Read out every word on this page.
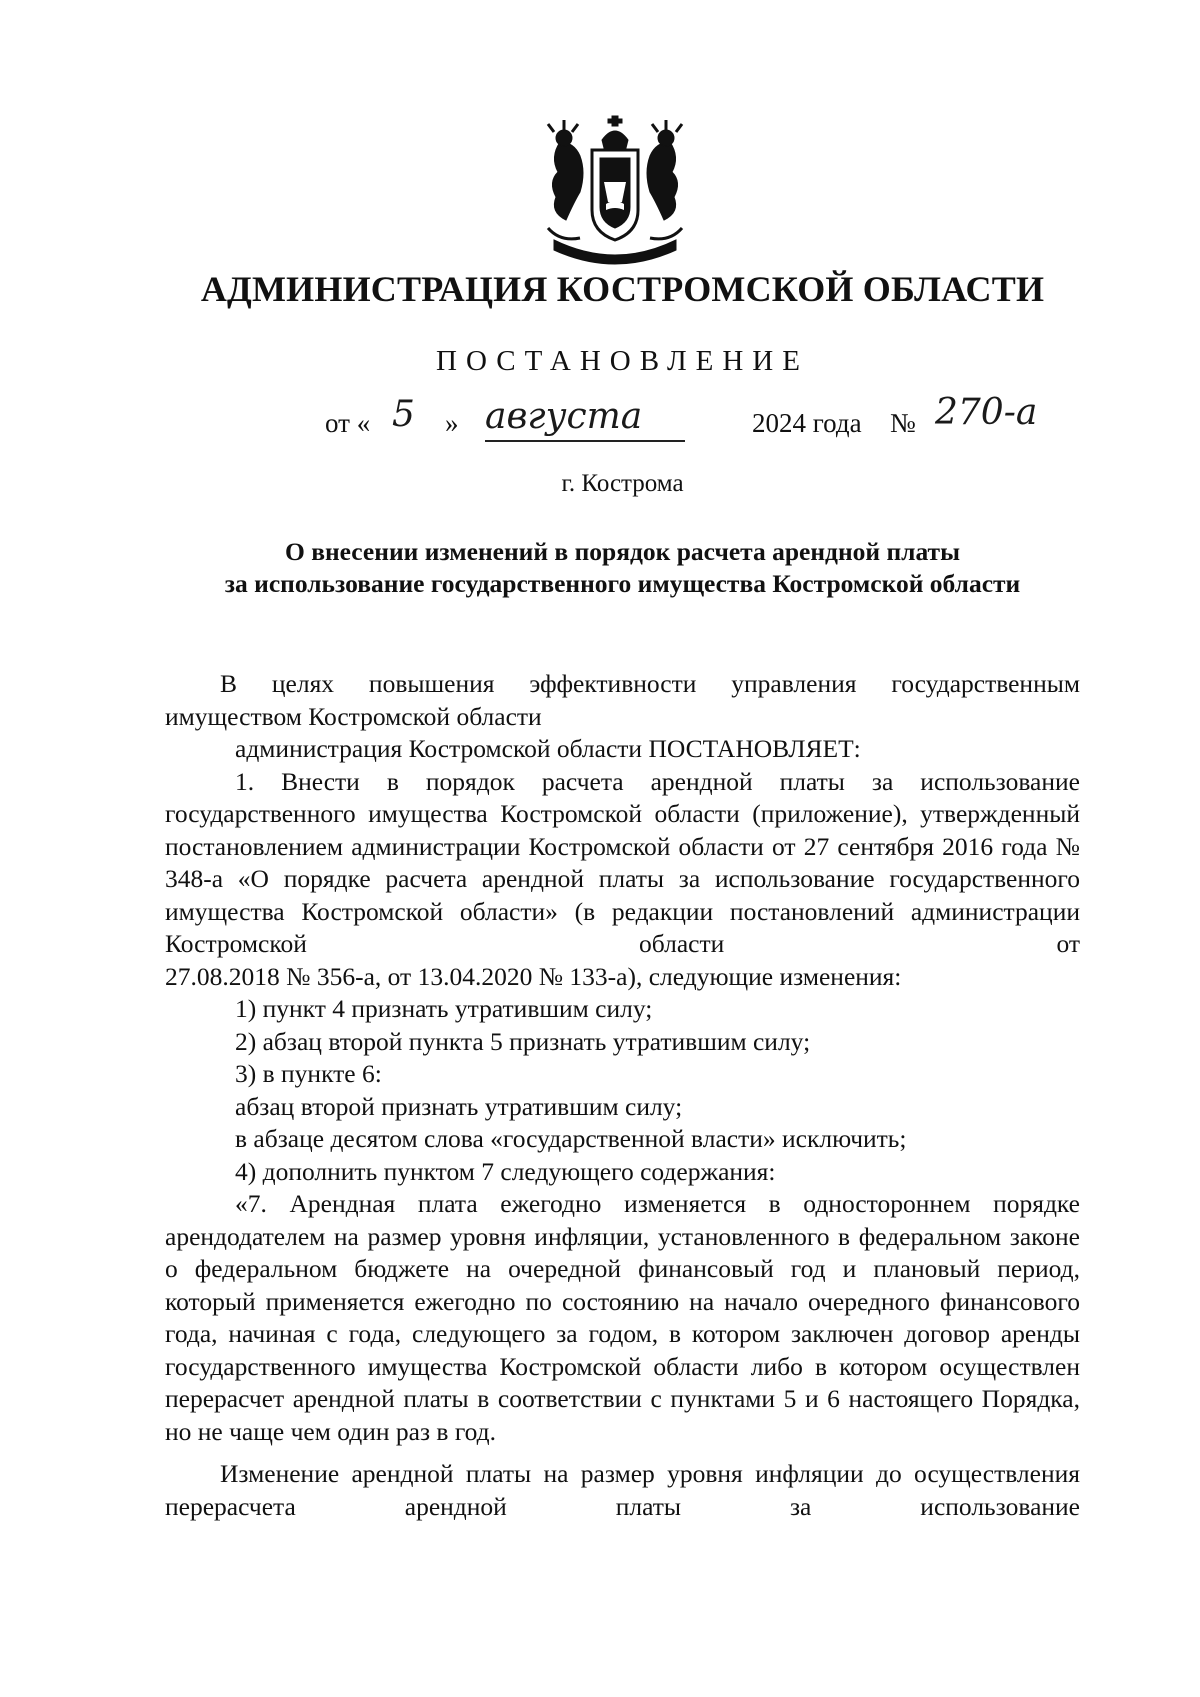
АДМИНИСТРАЦИЯ КОСТРОМСКОЙ ОБЛАСТИ
ПОСТАНОВЛЕНИЕ
от « 5 » августа	2024 года № 270-а
г. Кострома
О внесении изменений в порядок расчета арендной платы
за использование государственного имущества Костромской области

В целях повышения эффективности управления государственным имуществом Костромской области

администрация Костромской области ПОСТАНОВЛЯЕТ:

1. Внести в порядок расчета арендной платы за использование государственного имущества Костромской области (приложение), утвержденный постановлением администрации Костромской области от 27 сентября 2016 года № 348-а «О порядке расчета арендной платы за использование государственного имущества Костромской области» (в редакции постановлений администрации Костромской области от

27.08.2018 № 356-а, от 13.04.2020 № 133-а), следующие изменения:

1) пункт 4 признать утратившим силу;

2) абзац второй пункта 5 признать утратившим силу;

3) в пункте 6:

абзац второй признать утратившим силу;

в абзаце десятом слова «государственной власти» исключить;

4) дополнить пунктом 7 следующего содержания:

«7. Арендная плата ежегодно изменяется в одностороннем порядке арендодателем на размер уровня инфляции, установленного в федеральном законе о федеральном бюджете на очередной финансовый год и плановый период, который применяется ежегодно по состоянию на начало очередного финансового года, начиная с года, следующего за годом, в котором заключен договор аренды государственного имущества Костромской области либо в котором осуществлен перерасчет арендной платы в соответствии с пунктами 5 и 6 настоящего Порядка, но не чаще чем один раз в год.

Изменение арендной платы на размер уровня инфляции до осуществления перерасчета арендной платы за использование
